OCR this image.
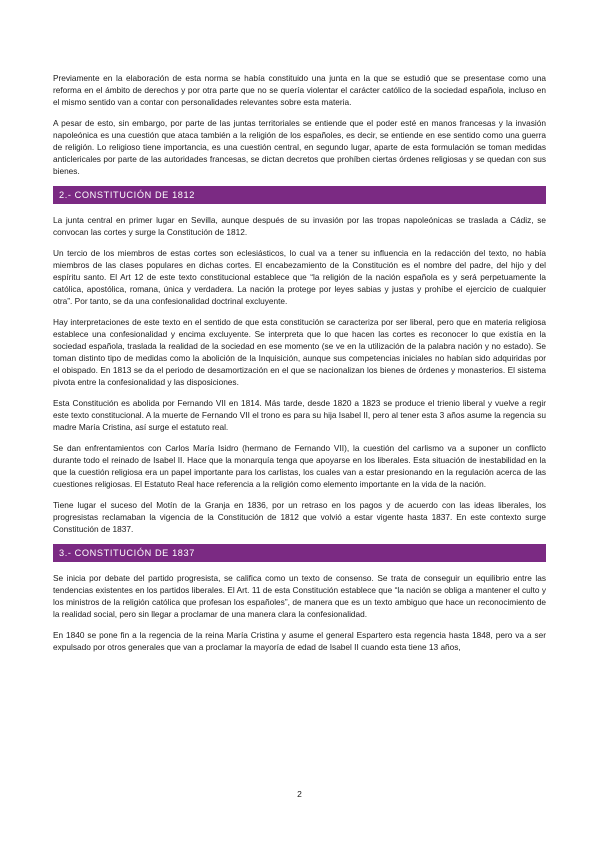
Previamente en la elaboración de esta norma se había constituido una junta en la que se estudió que se presentase como una reforma en el ámbito de derechos y por otra parte que no se quería violentar el carácter católico de la sociedad española, incluso en el mismo sentido van a contar con personalidades relevantes sobre esta materia.

A pesar de esto, sin embargo, por parte de las juntas territoriales se entiende que el poder esté en manos francesas y la invasión napoleónica es una cuestión que ataca también a la religión de los españoles, es decir, se entiende en ese sentido como una guerra de religión. Lo religioso tiene importancia, es una cuestión central, en segundo lugar, aparte de esta formulación se toman medidas anticlericales por parte de las autoridades francesas, se dictan decretos que prohíben ciertas órdenes religiosas y se quedan con sus bienes.

2.- CONSTITUCIÓN DE 1812

La junta central en primer lugar en Sevilla, aunque después de su invasión por las tropas napoleónicas se traslada a Cádiz, se convocan las cortes y surge la Constitución de 1812.

Un tercio de los miembros de estas cortes son eclesiásticos, lo cual va a tener su influencia en la redacción del texto, no había miembros de las clases populares en dichas cortes. El encabezamiento de la Constitución es el nombre del padre, del hijo y del espíritu santo. El Art 12 de este texto constitucional establece que “la religión de la nación española es y será perpetuamente la católica, apostólica, romana, única y verdadera. La nación la protege por leyes sabias y justas y prohíbe el ejercicio de cualquier otra”. Por tanto, se da una confesionalidad doctrinal excluyente.

Hay interpretaciones de este texto en el sentido de que esta constitución se caracteriza por ser liberal, pero que en materia religiosa establece una confesionalidad y encima excluyente. Se interpreta que lo que hacen las cortes es reconocer lo que existía en la sociedad española, traslada la realidad de la sociedad en ese momento (se ve en la utilización de la palabra nación y no estado). Se toman distinto tipo de medidas como la abolición de la Inquisición, aunque sus competencias iniciales no habían sido adquiridas por el obispado. En 1813 se da el periodo de desamortización en el que se nacionalizan los bienes de órdenes y monasterios. El sistema pivota entre la confesionalidad y las disposiciones.

Esta Constitución es abolida por Fernando VII en 1814. Más tarde, desde 1820 a 1823 se produce el trienio liberal y vuelve a regir este texto constitucional. A la muerte de Fernando VII el trono es para su hija Isabel II, pero al tener esta 3 años asume la regencia su madre María Cristina, así surge el estatuto real.

Se dan enfrentamientos con Carlos María Isidro (hermano de Fernando VII), la cuestión del carlismo va a suponer un conflicto durante todo el reinado de Isabel II. Hace que la monarquía tenga que apoyarse en los liberales. Esta situación de inestabilidad en la que la cuestión religiosa era un papel importante para los carlistas, los cuales van a estar presionando en la regulación acerca de las cuestiones religiosas. El Estatuto Real hace referencia a la religión como elemento importante en la vida de la nación.

Tiene lugar el suceso del Motín de la Granja en 1836, por un retraso en los pagos y de acuerdo con las ideas liberales, los progresistas reclamaban la vigencia de la Constitución de 1812 que volvió a estar vigente hasta 1837. En este contexto surge Constitución de 1837.

3.- CONSTITUCIÓN DE 1837

Se inicia por debate del partido progresista, se califica como un texto de consenso. Se trata de conseguir un equilibrio entre las tendencias existentes en los partidos liberales. El Art. 11 de esta Constitución establece que “la nación se obliga a mantener el culto y los ministros de la religión católica que profesan los españoles”, de manera que es un texto ambiguo que hace un reconocimiento de la realidad social, pero sin llegar a proclamar de una manera clara la confesionalidad.

En 1840 se pone fin a la regencia de la reina María Cristina y asume el general Espartero esta regencia hasta 1848, pero va a ser expulsado por otros generales que van a proclamar la mayoría de edad de Isabel II cuando esta tiene 13 años,

2
